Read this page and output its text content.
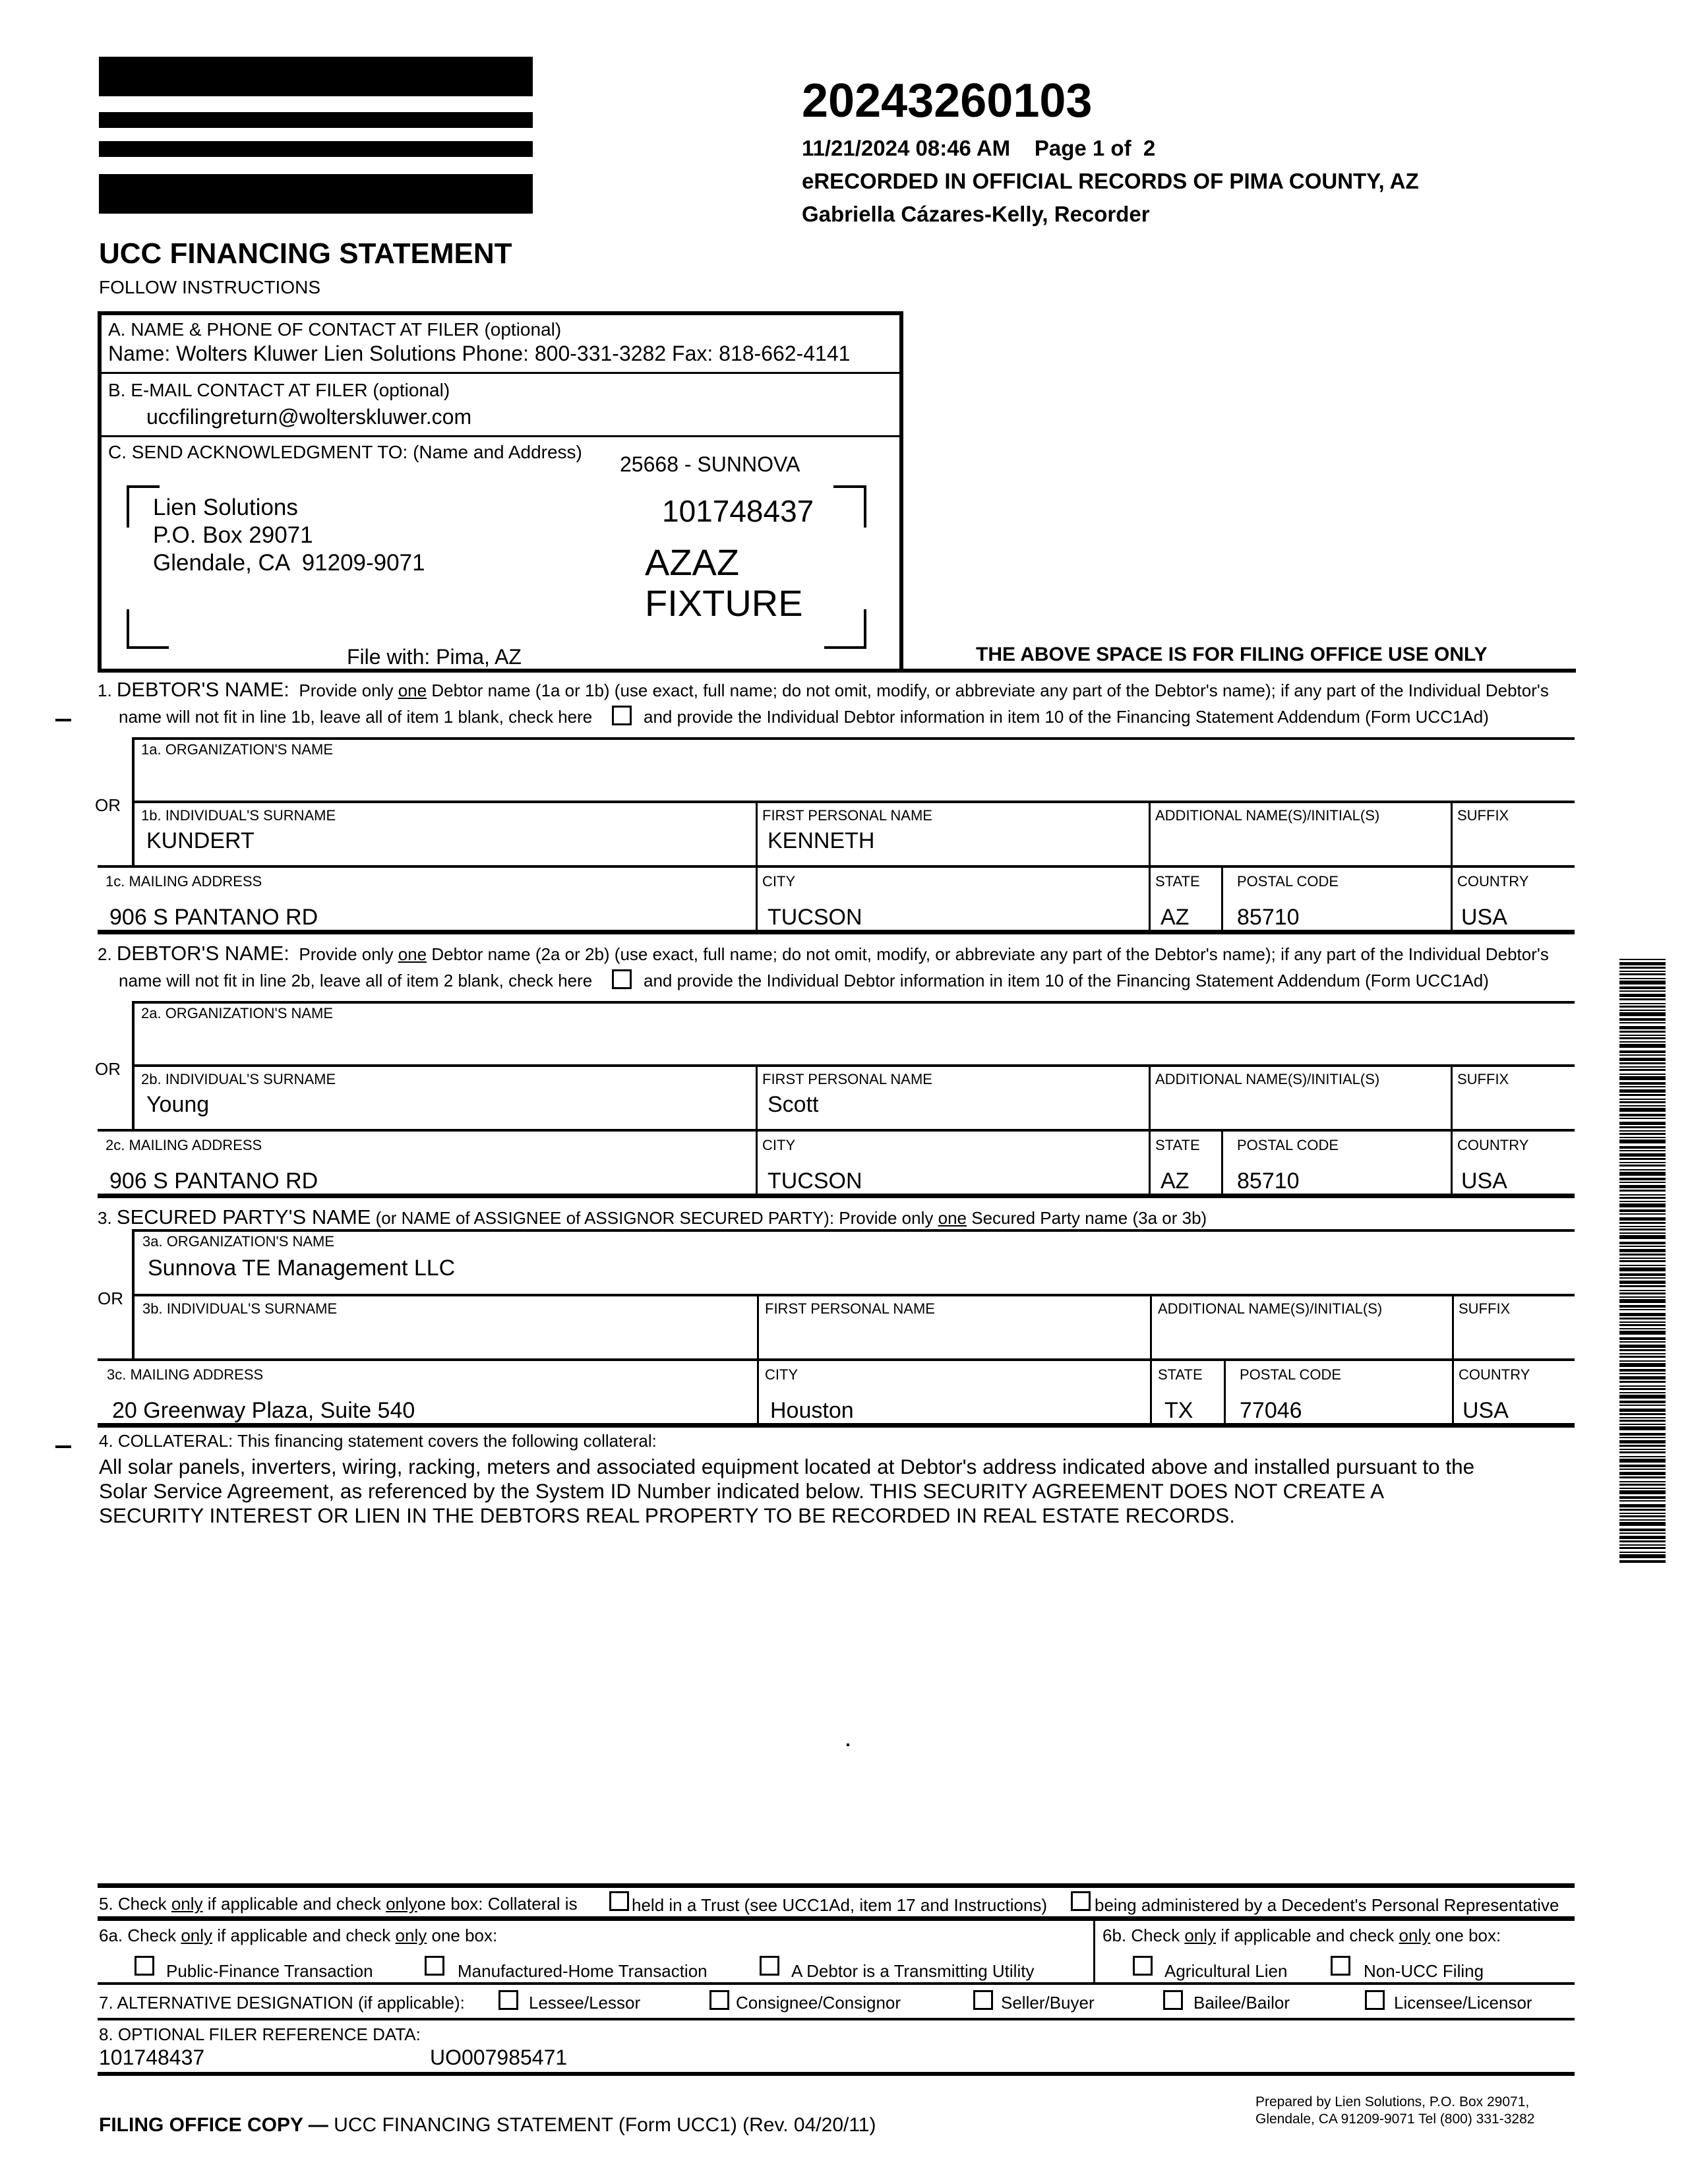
20243260103
11/21/2024 08:46 AM    Page 1 of  2
eRECORDED IN OFFICIAL RECORDS OF PIMA COUNTY, AZ
Gabriella Cázares-Kelly, Recorder
UCC FINANCING STATEMENT
FOLLOW INSTRUCTIONS
A. NAME & PHONE OF CONTACT AT FILER (optional)
Name: Wolters Kluwer Lien Solutions Phone: 800-331-3282 Fax: 818-662-4141
B. E-MAIL CONTACT AT FILER (optional)
uccfilingreturn@wolterskluwer.com
C. SEND ACKNOWLEDGMENT TO: (Name and Address)
25668 - SUNNOVA
Lien Solutions
P.O. Box 29071
Glendale, CA  91209-9071
101748437
AZAZ
FIXTURE
File with: Pima, AZ	THE ABOVE SPACE IS FOR FILING OFFICE USE ONLY
1. DEBTOR'S NAME: Provide only one Debtor name (1a or 1b) (use exact, full name; do not omit, modify, or abbreviate any part of the Debtor's name); if any part of the Individual Debtor's
name will not fit in line 1b, leave all of item 1 blank, check here	and provide the Individual Debtor information in item 10 of the Financing Statement Addendum (Form UCC1Ad)
1a. ORGANIZATION'S NAME
OR
1b. INDIVIDUAL'S SURNAME
KUNDERT
FIRST PERSONAL NAME
KENNETH
ADDITIONAL NAME(S)/INITIAL(S)	SUFFIX
1c. MAILING ADDRESS
906 S PANTANO RD
CITY
TUCSON
STATE
AZ
POSTAL CODE
85710
COUNTRY
USA
2. DEBTOR'S NAME: Provide only one Debtor name (2a or 2b) (use exact, full name; do not omit, modify, or abbreviate any part of the Debtor's name); if any part of the Individual Debtor's
name will not fit in line 2b, leave all of item 2 blank, check here	and provide the Individual Debtor information in item 10 of the Financing Statement Addendum (Form UCC1Ad)
2a. ORGANIZATION'S NAME
OR
2b. INDIVIDUAL'S SURNAME
Young
FIRST PERSONAL NAME
Scott
ADDITIONAL NAME(S)/INITIAL(S)	SUFFIX
2c. MAILING ADDRESS
906 S PANTANO RD
CITY
TUCSON
STATE
AZ
POSTAL CODE
85710
COUNTRY
USA
3. SECURED PARTY'S NAME (or NAME of ASSIGNEE of ASSIGNOR SECURED PARTY): Provide only one Secured Party name (3a or 3b)
3a. ORGANIZATION'S NAME
Sunnova TE Management LLC
OR
3b. INDIVIDUAL'S SURNAME	FIRST PERSONAL NAME	ADDITIONAL NAME(S)/INITIAL(S)	SUFFIX
3c. MAILING ADDRESS
20 Greenway Plaza, Suite 540
CITY
Houston
STATE
TX
POSTAL CODE
77046
COUNTRY
USA
4. COLLATERAL: This financing statement covers the following collateral:
All solar panels, inverters, wiring, racking, meters and associated equipment located at Debtor's address indicated above and installed pursuant to the
Solar Service Agreement, as referenced by the System ID Number indicated below. THIS SECURITY AGREEMENT DOES NOT CREATE A
SECURITY INTEREST OR LIEN IN THE DEBTORS REAL PROPERTY TO BE RECORDED IN REAL ESTATE RECORDS.
5. Check only if applicable and check onlyone box: Collateral is	held in a Trust (see UCC1Ad, item 17 and Instructions)	being administered by a Decedent's Personal Representative
6a. Check only if applicable and check only one box:	6b. Check only if applicable and check only one box:
Public-Finance Transaction	Manufactured-Home Transaction	A Debtor is a Transmitting Utility	Agricultural Lien	Non-UCC Filing
7. ALTERNATIVE DESIGNATION (if applicable):	Lessee/Lessor	Consignee/Consignor	Seller/Buyer	Bailee/Bailor	Licensee/Licensor
8. OPTIONAL FILER REFERENCE DATA:
101748437	UO007985471
FILING OFFICE COPY — UCC FINANCING STATEMENT (Form UCC1) (Rev. 04/20/11)
Prepared by Lien Solutions, P.O. Box 29071,
Glendale, CA 91209-9071 Tel (800) 331-3282
